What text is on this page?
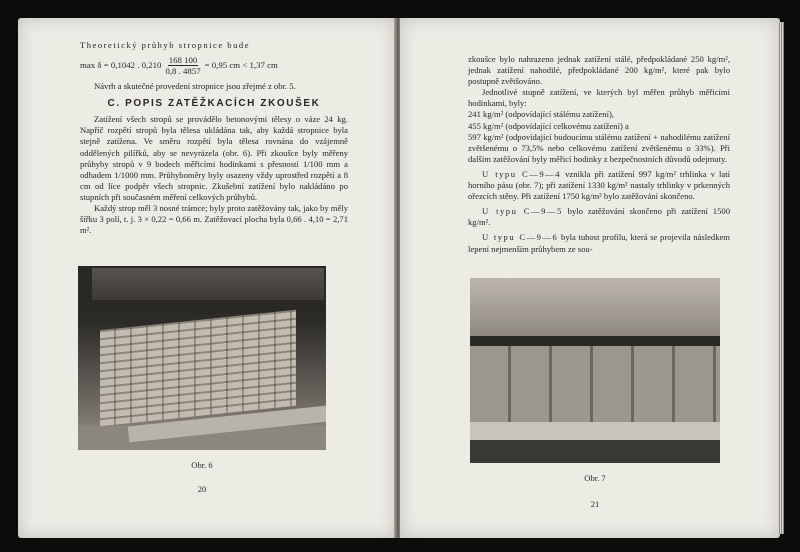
Theoretický průhyb stropnice bude

max δ = 0,1042 . $0,210 \frac{168 100}{0,8 . 4857} = 0,95$ cm < 1,37 cm

Návrh a skutečné provedení stropnice jsou zřejmé z obr. 5.

C. POPIS ZATĚŽKACÍCH ZKOUŠEK

Zatížení všech stropů se provádělo betonovými tělesy o váze 24 kg. Napříč rozpětí stropů byla tělesa ukládána tak, aby každá stropnice byla stejně zatížena. Ve směru rozpětí byla tělesa rovnána do vzájemně oddělených pilířků, aby se nevyrázela (obr. 6). Při zkoušce byly měřeny průhyby stropů v 9 bodech měřicími hodinkami s přesností 1/100 mm a odhadem 1/1000 mm. Průhyboměry byly osazeny vždy uprostřed rozpětí a 8 cm od líce podpěr všech stropnic. Zkušební zatížení bylo nakládáno po stupních při současném měření celkových průhybů.

Každý strop měl 3 nosné trámce; byly proto zatěžovány tak, jako by měly šířku 3 polí, t. j. 3 × 0,22 = 0,66 m. Zatěžovací plocha byla 0,66 . 4,10 = 2,71 m².

Obr. 6
20

zkoušce bylo nahrazeno jednak zatížení stálé, předpokládané 250 kg/m², jednak zatížení nahodilé, předpokládané 200 kg/m², které pak bylo postupně zvětšováno.

Jednotlivé stupně zatížení, ve kterých byl měřen průhyb měřicími hodinkami, byly:

241 kg/m² (odpovídající stálému zatížení),

455 kg/m² (odpovídající celkovému zatížení) a

597 kg/m² (odpovídající budoucímu stálému zatížení + nahodilému zatížení zvětšenému o 73,5% nebo celkovému zatížení zvětšenému o 33%). Při dalším zatěžování byly měřicí hodinky z bezpečnostních důvodů odejmuty.

U typu C—9—4 vznikla při zatížení 997 kg/m² trhlinka v latí horního pásu (obr. 7); při zatížení 1330 kg/m² nastaly trhlinky v prkenných ořezcích stěny. Při zatížení 1750 kg/m² bylo zatěžování skončeno.

U typu C—9—5 bylo zatěžování skončeno při zatížení 1500 kg/m².

U typu C—9—6 byla tuhost profilu, která se projevila následkem lepení nejmenším průhybem ze sou-

Obr. 7
21
